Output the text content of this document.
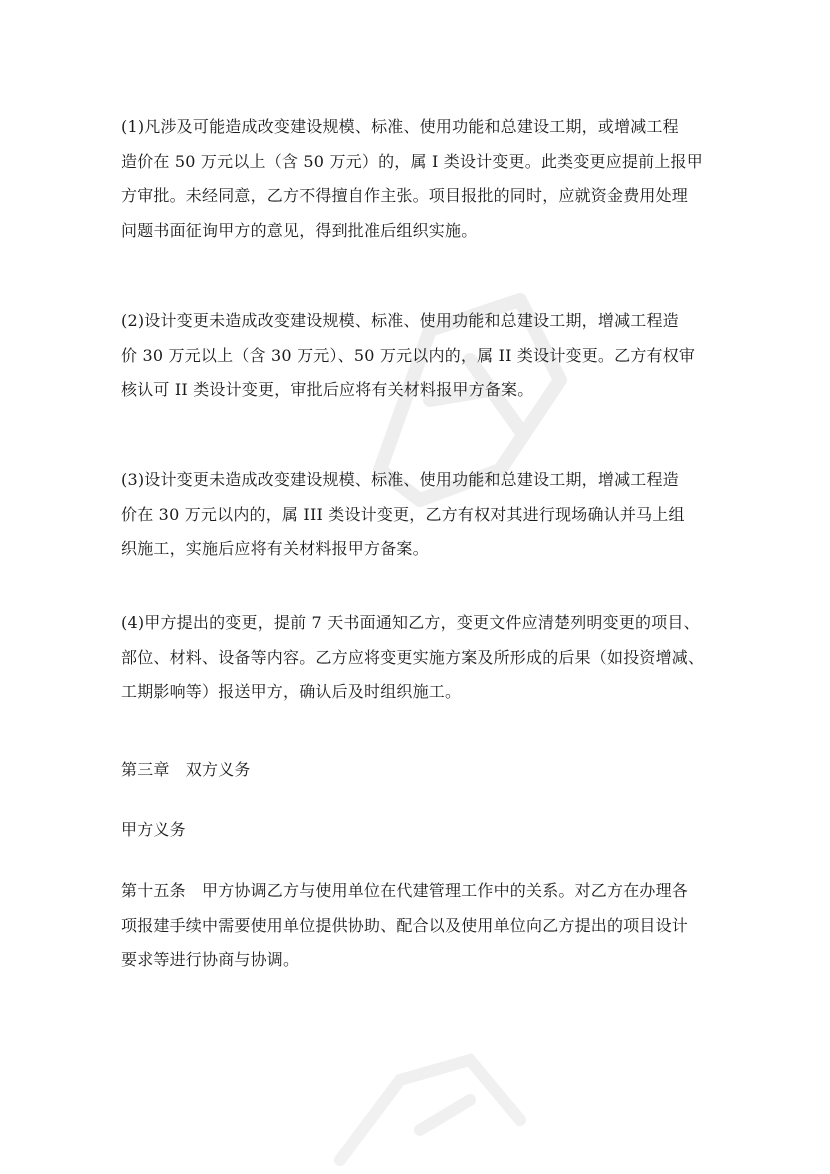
(1)凡涉及可能造成改变建设规模、标准、使用功能和总建设工期，或增减工程
造价在 50 万元以上（含 50 万元）的，属 I 类设计变更。此类变更应提前上报甲
方审批。未经同意，乙方不得擅自作主张。项目报批的同时，应就资金费用处理
问题书面征询甲方的意见，得到批准后组织实施。

(2)设计变更未造成改变建设规模、标准、使用功能和总建设工期，增减工程造
价 30 万元以上（含 30 万元）、50 万元以内的，属 II 类设计变更。乙方有权审
核认可 II 类设计变更，审批后应将有关材料报甲方备案。

(3)设计变更未造成改变建设规模、标准、使用功能和总建设工期，增减工程造
价在 30 万元以内的，属 III 类设计变更，乙方有权对其进行现场确认并马上组
织施工，实施后应将有关材料报甲方备案。

(4)甲方提出的变更，提前 7 天书面通知乙方，变更文件应清楚列明变更的项目、
部位、材料、设备等内容。乙方应将变更实施方案及所形成的后果（如投资增减、
工期影响等）报送甲方，确认后及时组织施工。

第三章　双方义务

甲方义务

第十五条　甲方协调乙方与使用单位在代建管理工作中的关系。对乙方在办理各
项报建手续中需要使用单位提供协助、配合以及使用单位向乙方提出的项目设计
要求等进行协商与协调。
